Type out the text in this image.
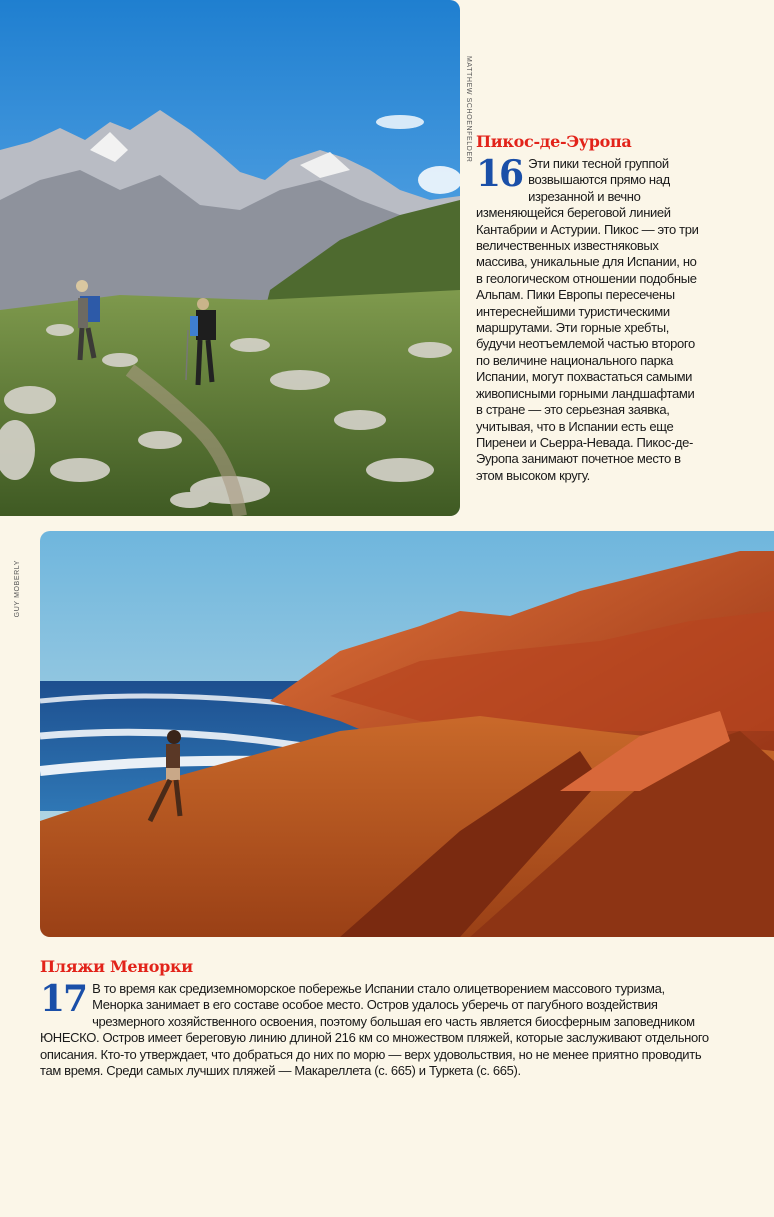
MATTHEW SCHOENFELDER Пикос-де-Эуропа
16 Эти пики тесной группой возвышаются прямо над изрезанной и вечно изменяющейся береговой линией Кантабрии и Астурии. Пикос — это три величественных известняковых массива, уникальные для Испании, но в геологическом отношении подобные Альпам. Пики Европы пересечены интереснейшими туристическими маршрутами. Эти горные хребты, будучи неотъемлемой частью второго по величине национального парка Испании, могут похвастаться самыми живописными горными ландшафтами в стране — это серьезная заявка, учитывая, что в Испании есть еще Пиренеи и Сьерра-Невада. Пикос-де-Эуропа занимают почетное место в этом высоком кругу.
GUY MOBERLY
Пляжи Менорки
17 В то время как средиземноморское побережье Испании стало олицетворением массового туризма, Менорка занимает в его составе особое место. Остров удалось уберечь от пагубного воздействия чрезмерного хозяйственного освоения, поэтому большая его часть является биосферным заповедником ЮНЕСКО. Остров имеет береговую линию длиной 216 км со множеством пляжей, которые заслуживают отдельного описания. Кто-то утверждает, что добраться до них по морю — верх удовольствия, но не менее приятно проводить там время. Среди самых лучших пляжей — Макареллета (с. 665) и Туркета (с. 665).
